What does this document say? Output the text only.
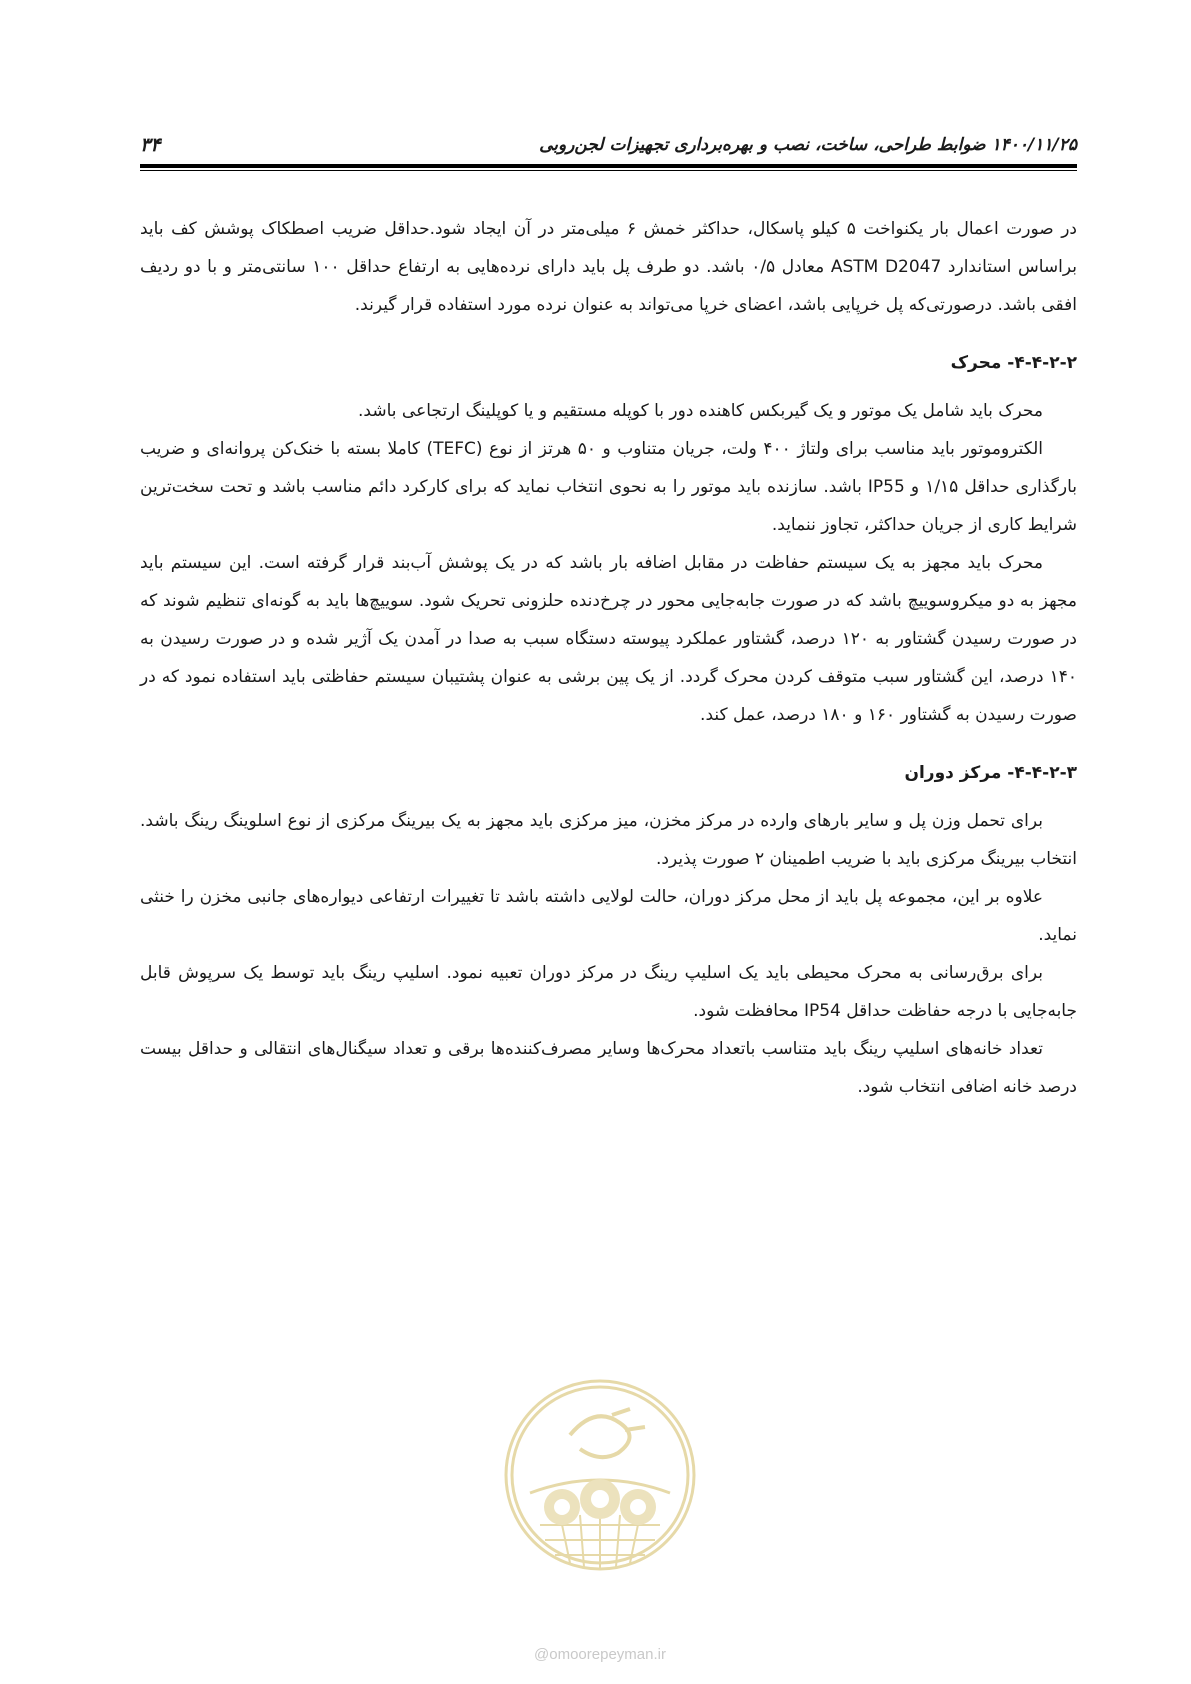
۳۴	۱۴۰۰/۱۱/۲۵ ضوابط طراحی، ساخت، نصب و بهره‌برداری تجهیزات لجن‌روبی

در صورت اعمال بار یکنواخت ۵ کیلو پاسکال، حداکثر خمش ۶ میلی‌متر در آن ایجاد شود.حداقل ضریب اصطکاک پوشش کف باید براساس استاندارد ASTM D2047 معادل ۰/۵ باشد. دو طرف پل باید دارای نرده‌هایی به ارتفاع حداقل ۱۰۰ سانتی‌متر و با دو ردیف افقی باشد. درصورتی‌که پل خرپایی باشد، اعضای خرپا می‌تواند به عنوان نرده مورد استفاده قرار گیرند.

۴-۴-۲-۲- محرک

محرک باید شامل یک موتور و یک گیربکس کاهنده دور با کوپله مستقیم و یا کوپلینگ ارتجاعی باشد.

الکتروموتور باید مناسب برای ولتاژ ۴۰۰ ولت، جریان متناوب و ۵۰ هرتز از نوع (TEFC) کاملا بسته با خنک‌کن پروانه‌ای و ضریب بارگذاری حداقل ۱/۱۵ و IP55 باشد. سازنده باید موتور را به نحوی انتخاب نماید که برای کارکرد دائم مناسب باشد و تحت سخت‌ترین شرایط کاری از جریان حداکثر، تجاوز ننماید.

محرک باید مجهز به یک سیستم حفاظت در مقابل اضافه بار باشد که در یک پوشش آب‌بند قرار گرفته است. این سیستم باید مجهز به دو میکروسوییچ باشد که در صورت جابه‌جایی محور در چرخ‌دنده حلزونی تحریک شود. سوییچ‌ها باید به گونه‌ای تنظیم شوند که در صورت رسیدن گشتاور به ۱۲۰ درصد، گشتاور عملکرد پیوسته دستگاه سبب به صدا در آمدن یک آژیر شده و در صورت رسیدن به ۱۴۰ درصد، این گشتاور سبب متوقف کردن محرک گردد. از یک پین برشی به عنوان پشتیبان سیستم حفاظتی باید استفاده نمود که در صورت رسیدن به گشتاور ۱۶۰ و ۱۸۰ درصد، عمل کند.

۴-۴-۲-۳- مرکز دوران

برای تحمل وزن پل و سایر بارهای وارده در مرکز مخزن، میز مرکزی باید مجهز به یک بیرینگ مرکزی از نوع اسلوینگ رینگ باشد. انتخاب بیرینگ مرکزی باید با ضریب اطمینان ۲ صورت پذیرد.

علاوه بر این، مجموعه پل باید از محل مرکز دوران، حالت لولایی داشته باشد تا تغییرات ارتفاعی دیواره‌های جانبی مخزن را خنثی نماید.

برای برق‌رسانی به محرک محیطی باید یک اسلیپ رینگ در مرکز دوران تعبیه نمود. اسلیپ رینگ باید توسط یک سرپوش قابل جابه‌جایی با درجه حفاظت حداقل IP54 محافظت شود.

تعداد خانه‌های اسلیپ رینگ باید متناسب باتعداد محرک‌ها وسایر مصرف‌کننده‌ها برقی و تعداد سیگنال‌های انتقالی و حداقل بیست درصد خانه اضافی انتخاب شود.

@omoorepeyman.ir
